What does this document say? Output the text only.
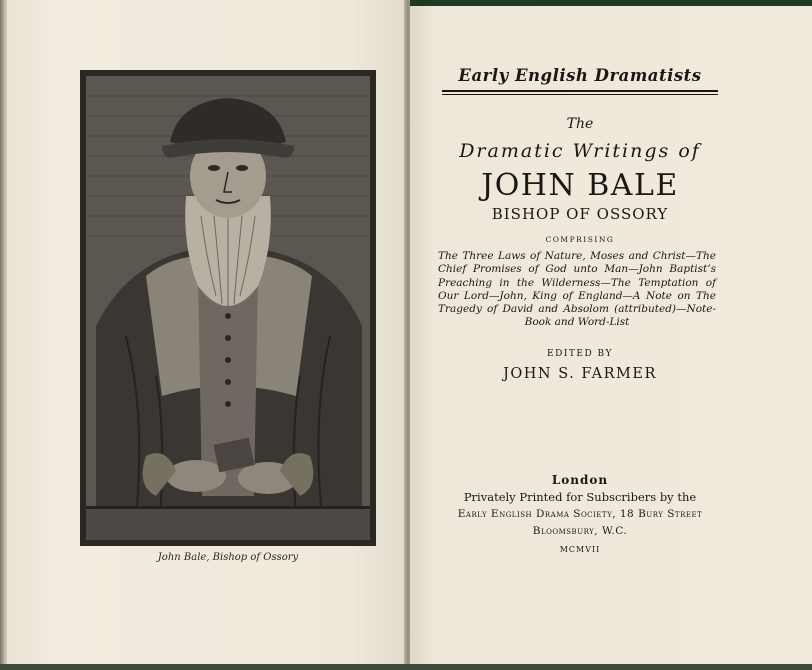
John Bale, Bishop of Ossory
Early English Dramatists
The
Dramatic Writings of
JOHN BALE
BISHOP OF OSSORY
COMPRISING
The Three Laws of Nature, Moses and Christ—The Chief Promises of God unto Man—John Baptist’s Preaching in the Wilderness—The Temptation of Our Lord—John, King of England—A Note on The Tragedy of David and Absolom (attributed)—Note-Book and Word-List
EDITED BY
JOHN S. FARMER
London
Privately Printed for Subscribers by the
Early English Drama Society, 18 Bury Street
Bloomsbury, W.C.
MCMVII
